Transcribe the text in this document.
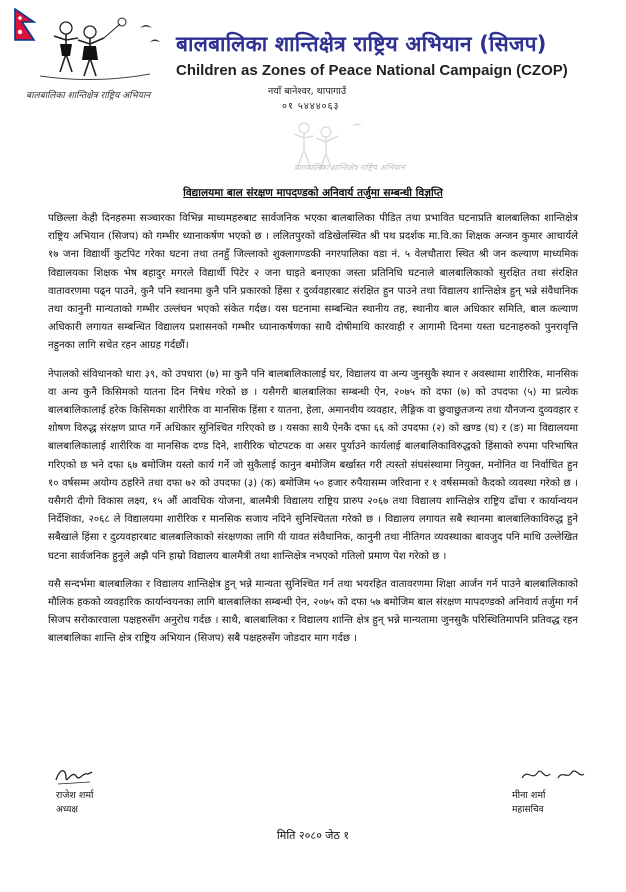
बालबालिका शान्तिक्षेत्र राष्ट्रिय अभियान
बालबालिका शान्तिक्षेत्र राष्ट्रिय अभियान (सिजप)
Children as Zones of Peace National Campaign (CZOP)
नयाँ बानेश्वर, थापागाउँ
०१ ५४४४०६३
बालबालिका शान्तिक्षेत्र राष्ट्रिय अभियान
विद्यालयमा बाल संरक्षण मापदण्डको अनिवार्य तर्जुमा सम्बन्धी विज्ञप्ति

पछिल्ला केही दिनहरुमा सञ्चारका विभिन्न माध्यमहरुबाट सार्वजनिक भएका बालबालिका पीडित तथा प्रभावित घटनाप्रति बालबालिका शान्तिक्षेत्र राष्ट्रिय अभियान (सिजप) को गम्भीर ध्यानाकर्षण भएको छ । ललितपुरको वडिखेलस्थित श्री पथ प्रदर्शक मा.वि.का शिक्षक अन्जन कुमार आचार्यले १७ जना विद्यार्थी कुटपिट गरेका घटना तथा तनहुँ जिल्लाको शुक्लागण्डकी नगरपालिका वडा नं. ५ वेलचौतारा स्थित श्री जन कल्याण माध्यमिक विद्यालयका शिक्षक भेष बहादुर मगरले विद्यार्थी पिटेर २ जना घाइते बनाएका जस्ता प्रतिनिधि घटनाले बालबालिकाको सुरक्षित तथा संरक्षित वातावरणमा पढ्न पाउने, कुनै पनि स्थानमा कुनै पनि प्रकारको हिंसा र दुर्व्यवहारबाट संरक्षित हुन पाउने तथा विद्यालय शान्तिक्षेत्र हुन् भन्ने संवैधानिक तथा कानुनी मान्यताको गम्भीर उल्लंघन भएको संकेत गर्दछ। यस घटनामा सम्बन्धित स्थानीय तह, स्थानीय बाल अधिकार समिति, बाल कल्याण अधिकारी लगायत सम्बन्धित विद्यालय प्रशासनको गम्भीर ध्यानाकर्षणका साथै दोषीमाथि कारवाही र आगामी दिनमा यस्ता घटनाहरुको पुनरावृत्ति नहुनका लागि सचेत रहन आग्रह गर्दछौं।

नेपालको संविधानको धारा ३९, को उपधारा (७) मा कुनै पनि बालबालिकालाई घर, विद्यालय वा अन्य जुनसुकै स्थान र अवस्थामा शारीरिक, मानसिक वा अन्य कुनै किसिमको यातना दिन निषेध गरेको छ । यसैगरी बालबालिका सम्बन्धी ऐन, २०७५ को दफा (७) को उपदफा (५) मा प्रत्येक बालबालिकालाई हरेक किसिमका शारीरिक वा मानसिक हिंसा र यातना, हेला, अमानवीय व्यवहार, लैङ्गिक वा छुवाछुतजन्य तथा यौनजन्य दुव्यवहार र शोषण विरुद्ध संरक्षण प्राप्त गर्ने अधिकार सुनिश्चित गरिएको छ । यसका साथै ऐनकै दफा ६६ को उपदफा (२) को खण्ड (घ) र (ङ) मा विद्यालयमा बालबालिकालाई शारीरिक वा मानसिक दण्ड दिने, शारीरिक चोटपटक वा असर पुर्याउने कार्यलाई बालबालिकाविरुद्धको हिंसाको रुपमा परिभाषित गरिएको छ भने दफा ६७ बमोजिम यस्तो कार्य गर्ने जो सुकैलाई कानुन बमोजिम बर्खास्त गरी त्यस्तो संघसंस्थामा नियुक्त, मनोनित वा निर्वाचित हुन १० वर्षसम्म अयोग्य ठहरिने तथा दफा ७२ को उपदफा (३) (क) बमोजिम ५० हजार रुपैयासम्म जरिवाना र १ वर्षसम्मको कैदको व्यवस्था गरेको छ । यसैगरी दीगो विकास लक्ष्य, १५ औं आवधिक योजना, बालमैत्री विद्यालय राष्ट्रिय प्रारुप २०६७ तथा विद्यालय शान्तिक्षेत्र राष्ट्रिय ढाँचा र कार्यान्वयन निर्देशिका, २०६८ ले विद्यालयमा शारीरिक र मानसिक सजाय नदिने सुनिश्चितता गरेको छ । विद्यालय लगायत सबै स्थानमा बालबालिकाविरुद्ध हुने सबैखाले हिंसा र दुव्र्यवहारबाट बालबालिकाको संरक्षणका लागि यी यावत संवैधानिक, कानुनी तथा नीतिगत व्यवस्थाका बावजुद पनि माथि उल्लेखित घटना सार्वजनिक हुनुले अझै पनि हाम्रो विद्यालय बालमैत्री तथा शान्तिक्षेत्र नभएको गतिलो प्रमाण पेश गरेको छ ।

यसै सन्दर्भमा बालबालिका र विद्यालय शान्तिक्षेत्र हुन् भन्ने मान्यता सुनिश्चित गर्न तथा भयरहित वातावरणमा शिक्षा आर्जन गर्न पाउने बालबालिकाको मौलिक हकको व्यवहारिक कार्यान्वयनका लागि बालबालिका सम्बन्धी ऐन, २०७५ को दफा ५७ बमोजिम बाल संरक्षण मापदण्डको अनिवार्य तर्जुमा गर्न सिजप सरोकारवाला पक्षहरुसँग अनुरोध गर्दछ । साथै, बालबालिका र विद्यालय शान्ति क्षेत्र हुन् भन्ने मान्यतामा जुनसुकै परिस्थितिमापनि प्रतिवद्ध रहन बालबालिका शान्ति क्षेत्र राष्ट्रिय अभियान (सिजप) सबै पक्षहरुसँग जोडदार माग गर्दछ ।

राजेश शर्मा
अध्यक्ष
मीना शर्मा
महासचिव
मिति २०८० जेठ १
